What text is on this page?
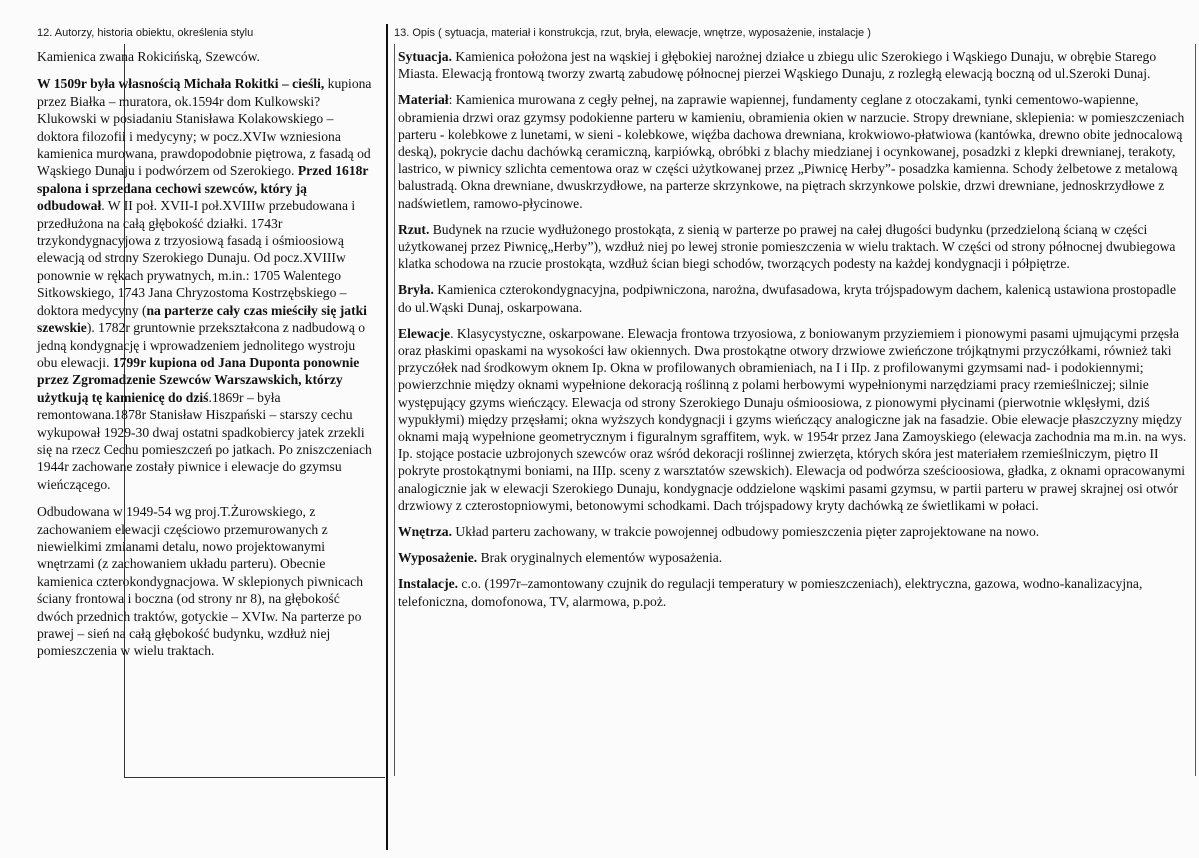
12. Autorzy, historia obiektu, określenia stylu	13. Opis ( sytuacja, materiał i konstrukcja, rzut, bryła, elewacje, wnętrze, wyposażenie, instalacje )

Kamienica zwana Rokicińską, Szewców.

W 1509r była własnością Michała Rokitki – cieśli, kupiona przez Białka – muratora, ok.1594r dom Kulkowski? Klukowski w posiadaniu Stanisława Kolakowskiego – doktora filozofii i medycyny; w pocz.XVIw wzniesiona kamienica murowana, prawdopodobnie piętrowa, z fasadą od Wąskiego Dunaju i podwórzem od Szerokiego. Przed 1618r spalona i sprzedana cechowi szewców, który ją odbudował. W II poł. XVII-I poł.XVIIIw przebudowana i przedłużona na całą głębokość działki. 1743r trzykondygnacyjowa z trzyosiową fasadą i ośmioosiową elewacją od strony Szerokiego Dunaju. Od pocz.XVIIIw ponownie w rękach prywatnych, m.in.: 1705 Walentego Sitkowskiego, 1743 Jana Chryzostoma Kostrzębskiego – doktora medycyny (na parterze cały czas mieściły się jatki szewskie). 1782r gruntownie przekształcona z nadbudową o jedną kondygnację i wprowadzeniem jednolitego wystroju obu elewacji. 1799r kupiona od Jana Duponta ponownie przez Zgromadzenie Szewców Warszawskich, którzy użytkują tę kamienicę do dziś.1869r – była remontowana.1878r Stanisław Hiszpański – starszy cechu wykupował 1929-30 dwaj ostatni spadkobiercy jatek zrzekli się na rzecz Cechu pomieszczeń po jatkach. Po zniszczeniach 1944r zachowane zostały piwnice i elewacje do gzymsu wieńczącego.

Odbudowana w 1949-54 wg proj.T.Żurowskiego, z zachowaniem elewacji częściowo przemurowanych z niewielkimi zmianami detalu, nowo projektowanymi wnętrzami (z zachowaniem układu parteru). Obecnie kamienica czterokondygnacjowa. W sklepionych piwnicach ściany frontowa i boczna (od strony nr 8), na głębokość dwóch przednich traktów, gotyckie – XVIw. Na parterze po prawej – sień na całą głębokość budynku, wzdłuż niej pomieszczenia w wielu traktach.

Sytuacja. Kamienica położona jest na wąskiej i głębokiej narożnej działce u zbiegu ulic Szerokiego i Wąskiego Dunaju, w obrębie Starego Miasta. Elewacją frontową tworzy zwartą zabudowę północnej pierzei Wąskiego Dunaju, z rozległą elewacją boczną od ul.Szeroki Dunaj.

Materiał: Kamienica murowana z cegły pełnej, na zaprawie wapiennej, fundamenty ceglane z otoczakami, tynki cementowo-wapienne, obramienia drzwi oraz gzymsy podokienne parteru w kamieniu, obramienia okien w narzucie. Stropy drewniane, sklepienia: w pomieszczeniach parteru - kolebkowe z lunetami, w sieni - kolebkowe, więźba dachowa drewniana, krokwiowo-płatwiowa (kantówka, drewno obite jednocalową deską), pokrycie dachu dachówką ceramiczną, karpiówką, obróbki z blachy miedzianej i ocynkowanej, posadzki z klepki drewnianej, terakoty, lastrico, w piwnicy szlichta cementowa oraz w części użytkowanej przez „Piwnicę Herby”- posadzka kamienna. Schody żelbetowe z metalową balustradą. Okna drewniane, dwuskrzydłowe, na parterze skrzynkowe, na piętrach skrzynkowe polskie, drzwi drewniane, jednoskrzydłowe z nadświetlem, ramowo-płycinowe.

Rzut. Budynek na rzucie wydłużonego prostokąta, z sienią w parterze po prawej na całej długości budynku (przedzieloną ścianą w części użytkowanej przez Piwnicę„Herby”), wzdłuż niej po lewej stronie pomieszczenia w wielu traktach. W części od strony północnej dwubiegowa klatka schodowa na rzucie prostokąta, wzdłuż ścian biegi schodów, tworzących podesty na każdej kondygnacji i półpiętrze.

Bryła. Kamienica czterokondygnacyjna, podpiwniczona, narożna, dwufasadowa, kryta trójspadowym dachem, kalenicą ustawiona prostopadle do ul.Wąski Dunaj, oskarpowana.

Elewacje. Klasycystyczne, oskarpowane. Elewacja frontowa trzyosiowa, z boniowanym przyziemiem i pionowymi pasami ujmującymi przęsła oraz płaskimi opaskami na wysokości ław okiennych. Dwa prostokątne otwory drzwiowe zwieńczone trójkątnymi przyczółkami, również taki przyczółek nad środkowym oknem Ip. Okna w profilowanych obramieniach, na I i IIp. z profilowanymi gzymsami nad- i podokiennymi; powierzchnie między oknami wypełnione dekoracją roślinną z polami herbowymi wypełnionymi narzędziami pracy rzemieślniczej; silnie występujący gzyms wieńczący. Elewacja od strony Szerokiego Dunaju ośmioosiowa, z pionowymi płycinami (pierwotnie wklęsłymi, dziś wypukłymi) między przęsłami; okna wyższych kondygnacji i gzyms wieńczący analogiczne jak na fasadzie. Obie elewacje płaszczyzny między oknami mają wypełnione geometrycznym i figuralnym sgraffitem, wyk. w 1954r przez Jana Zamoyskiego (elewacja zachodnia ma m.in. na wys. Ip. stojące postacie uzbrojonych szewców oraz wśród dekoracji roślinnej zwierzęta, których skóra jest materiałem rzemieślniczym, piętro II pokryte prostokątnymi boniami, na IIIp. sceny z warsztatów szewskich). Elewacja od podwórza sześcioosiowa, gładka, z oknami opracowanymi analogicznie jak w elewacji Szerokiego Dunaju, kondygnacje oddzielone wąskimi pasami gzymsu, w partii parteru w prawej skrajnej osi otwór drzwiowy z czterostopniowymi, betonowymi schodkami. Dach trójspadowy kryty dachówką ze świetlikami w połaci.

Wnętrza. Układ parteru zachowany, w trakcie powojennej odbudowy pomieszczenia pięter zaprojektowane na nowo.

Wyposażenie. Brak oryginalnych elementów wyposażenia.

Instalacje. c.o. (1997r–zamontowany czujnik do regulacji temperatury w pomieszczeniach), elektryczna, gazowa, wodno-kanalizacyjna, telefoniczna, domofonowa, TV, alarmowa, p.poż.
